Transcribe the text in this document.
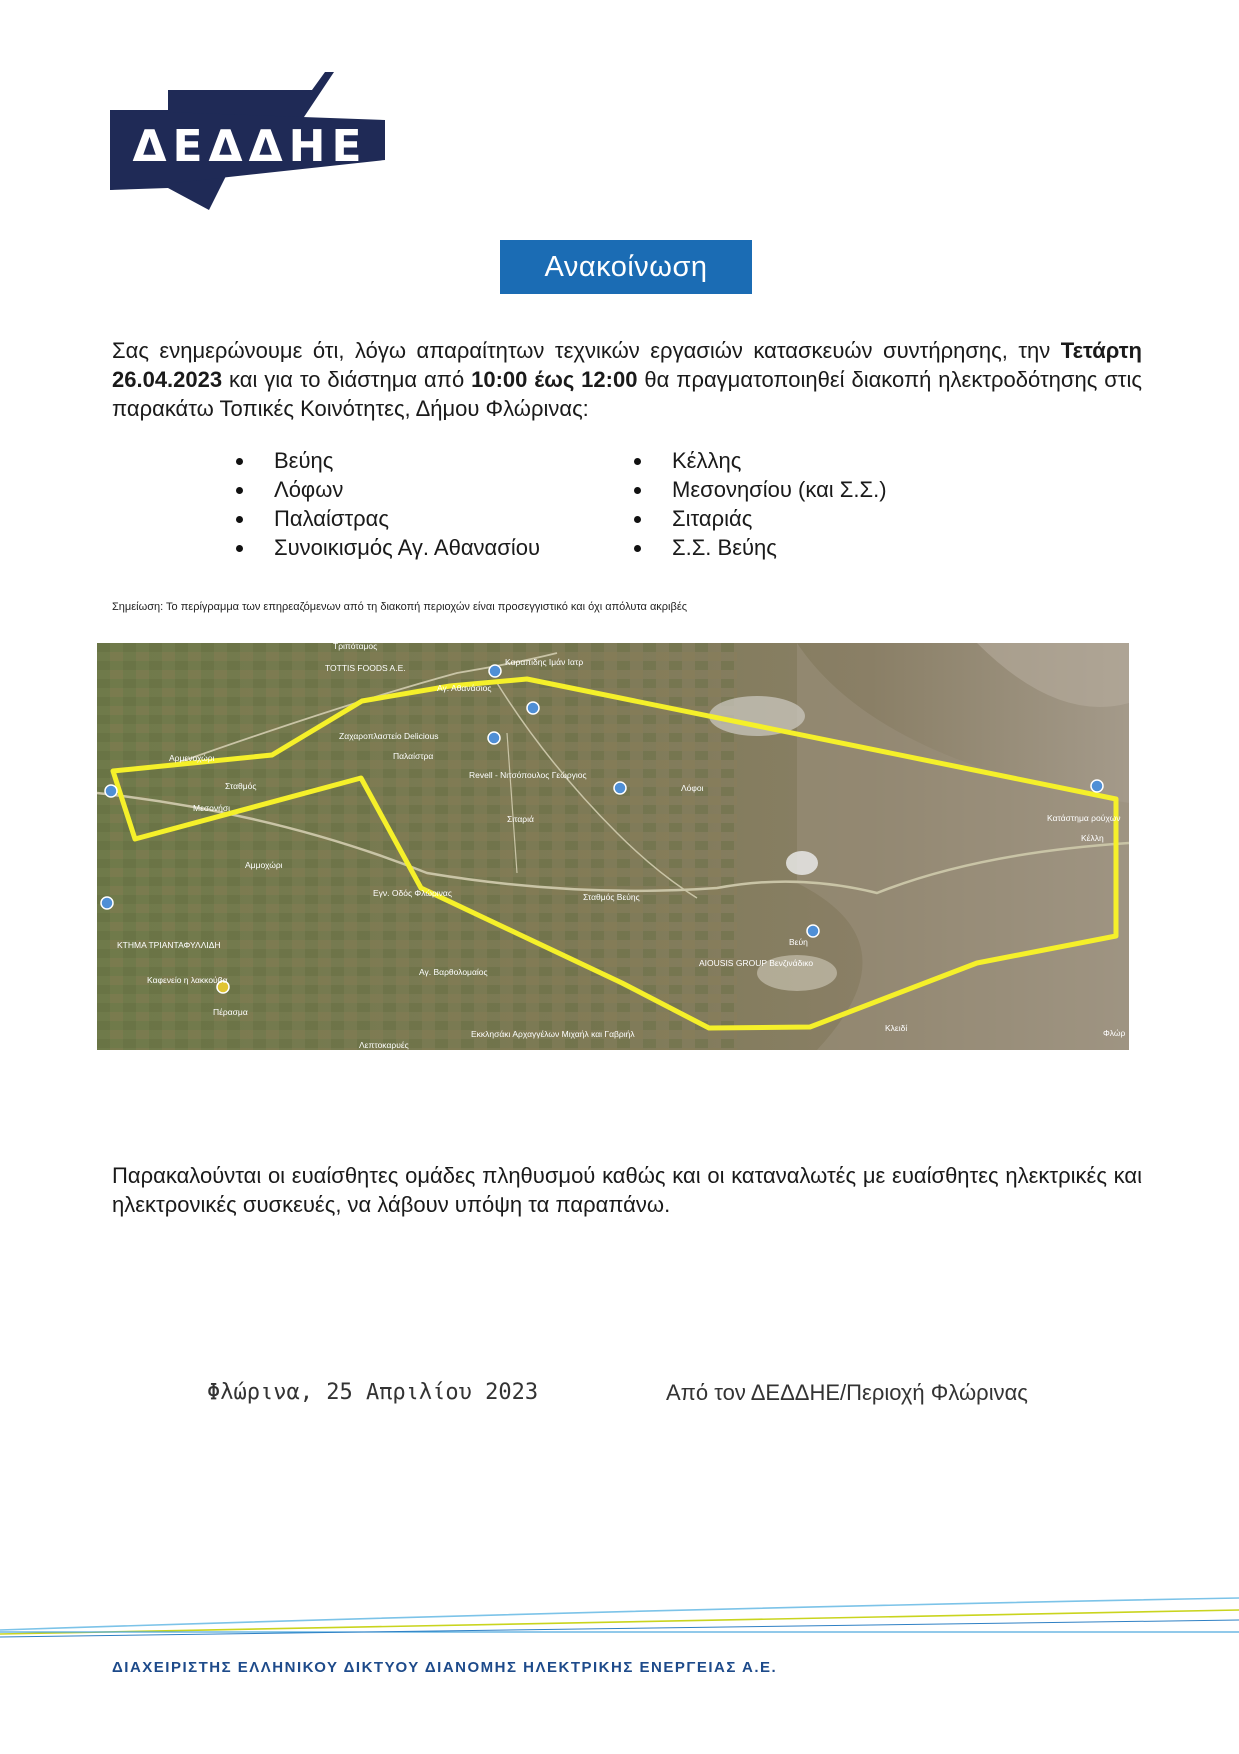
ΔΕΔΔΗΕ
Ανακοίνωση
Σας ενημερώνουμε ότι, λόγω απαραίτητων τεχνικών εργασιών κατασκευών συντήρησης, την Τετάρτη 26.04.2023 και για το διάστημα από 10:00 έως 12:00 θα πραγματοποιηθεί διακοπή ηλεκτροδότησης στις παρακάτω Τοπικές Κοινότητες, Δήμου Φλώρινας:
Βεύης
Λόφων
Παλαίστρας
Συνοικισμός Αγ. Αθανασίου
Κέλλης
Μεσονησίου (και Σ.Σ.)
Σιταριάς
Σ.Σ. Βεύης
Σημείωση: Το περίγραμμα των επηρεαζόμενων από τη διακοπή περιοχών είναι προσεγγιστικό και όχι απόλυτα ακριβές
Τριπόταμος
TOTTIS FOODS A.E.
Καραπιδης Ιμάν Ιατρ
Αγ. Αθανάσιος
Ζαχαροπλαστείο Delicious
Παλαίστρα
Αρμενοχώρι
Σταθμός
Μεσονήσι
Revell - Νιτσόπουλος Γεώργιος
Σιταριά
Λόφοι
Κατάστημα ρούχων
Κέλλη
Αμμοχώρι
Σταθμός Βεύης
Βεύη
AIOUSIS GROUP Βενζινάδικο
ΚΤΗΜΑ ΤΡΙΑΝΤΑΦΥΛΛΙΔΗ
Καφενείο η λακκούβα
Πέρασμα
Αγ. Βαρθολομαίος
Εκκλησάκι Αρχαγγέλων Μιχαήλ και Γαβριήλ
Λεπτοκαρυές
Κλειδί	Φλώρ
Εγν. Οδός Φλώρινας
Παρακαλούνται οι ευαίσθητες ομάδες πληθυσμού καθώς και οι καταναλωτές με ευαίσθητες ηλεκτρικές και ηλεκτρονικές συσκευές, να λάβουν υπόψη τα παραπάνω.
Φλώρινα, 25 Απριλίου 2023	Από τον ΔΕΔΔΗΕ/Περιοχή Φλώρινας
ΔΙΑΧΕΙΡΙΣΤΗΣ ΕΛΛΗΝΙΚΟΥ ΔΙΚΤΥΟΥ ΔΙΑΝΟΜΗΣ ΗΛΕΚΤΡΙΚΗΣ ΕΝΕΡΓΕΙΑΣ Α.Ε.
